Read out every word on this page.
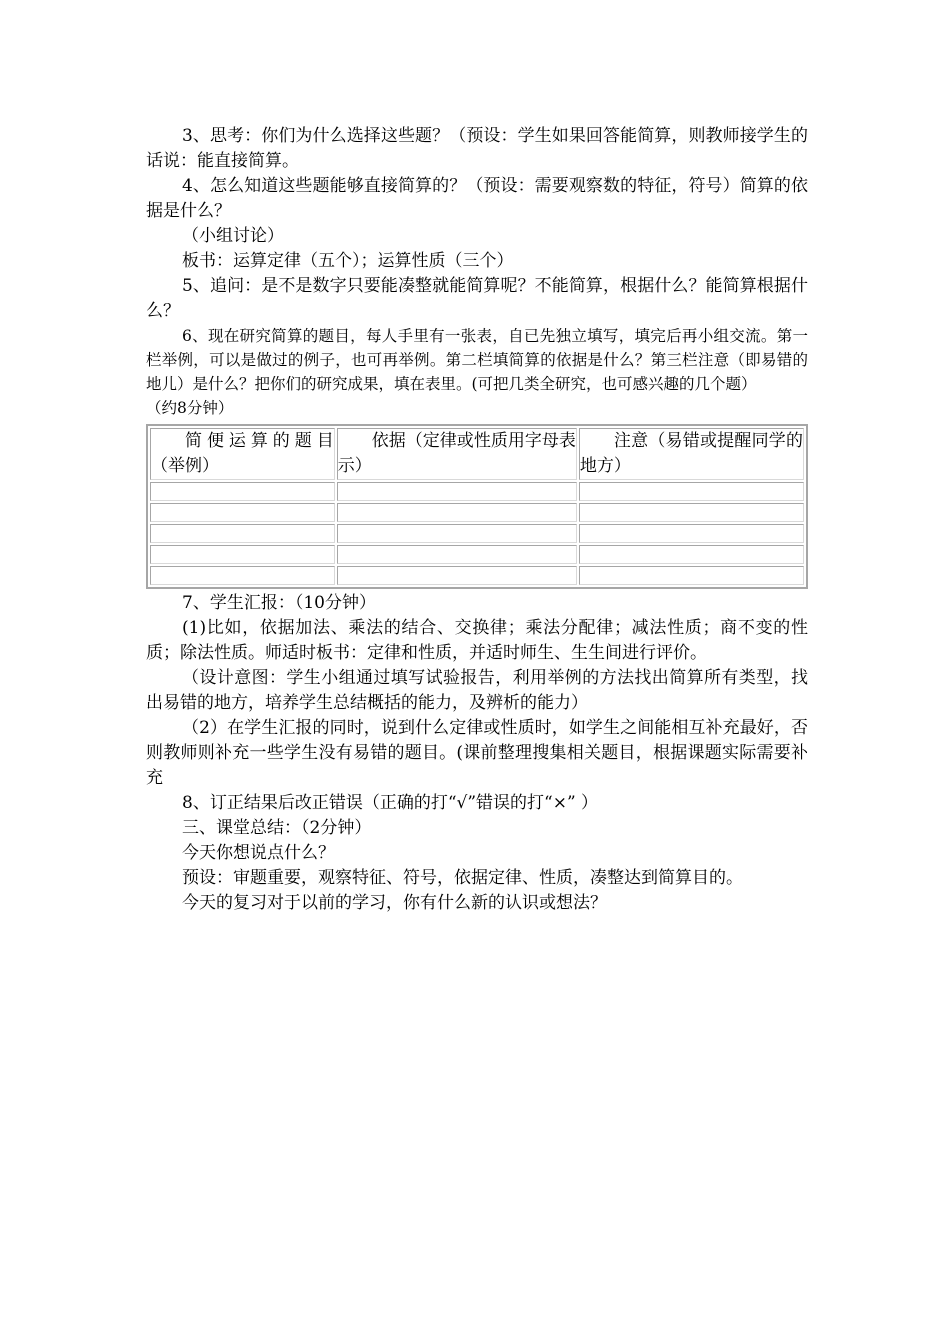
3、思考：你们为什么选择这些题？（预设：学生如果回答能简算，则教师接学生的话说：能直接简算。

4、怎么知道这些题能够直接简算的？（预设：需要观察数的特征，符号）简算的依据是什么？

（小组讨论）

板书：运算定律（五个）；运算性质（三个）

5、追问：是不是数字只要能凑整就能简算呢？不能简算，根据什么？能简算根据什么？

6、现在研究简算的题目，每人手里有一张表，自已先独立填写，填完后再小组交流。第一栏举例，可以是做过的例子，也可再举例。第二栏填简算的依据是什么？第三栏注意（即易错的地儿）是什么？把你们的研究成果，填在表里。(可把几类全研究，也可感兴趣的几个题）

（约8分钟）

简便运算的题目（举例）	依据（定律或性质用字母表示）	注意（易错或提醒同学的地方）

7、学生汇报：（10分钟）

(1)比如，依据加法、乘法的结合、交换律；乘法分配律；减法性质；商不变的性质；除法性质。师适时板书：定律和性质，并适时师生、生生间进行评价。

（设计意图：学生小组通过填写试验报告，利用举例的方法找出简算所有类型，找出易错的地方，培养学生总结概括的能力，及辨析的能力）

（2）在学生汇报的同时，说到什么定律或性质时，如学生之间能相互补充最好，否则教师则补充一些学生没有易错的题目。(课前整理搜集相关题目，根据课题实际需要补充

8、订正结果后改正错误（正确的打“√”错误的打“×” ）

三、课堂总结：（2分钟）

今天你想说点什么？

预设：审题重要，观察特征、符号，依据定律、性质，凑整达到简算目的。

今天的复习对于以前的学习，你有什么新的认识或想法？
